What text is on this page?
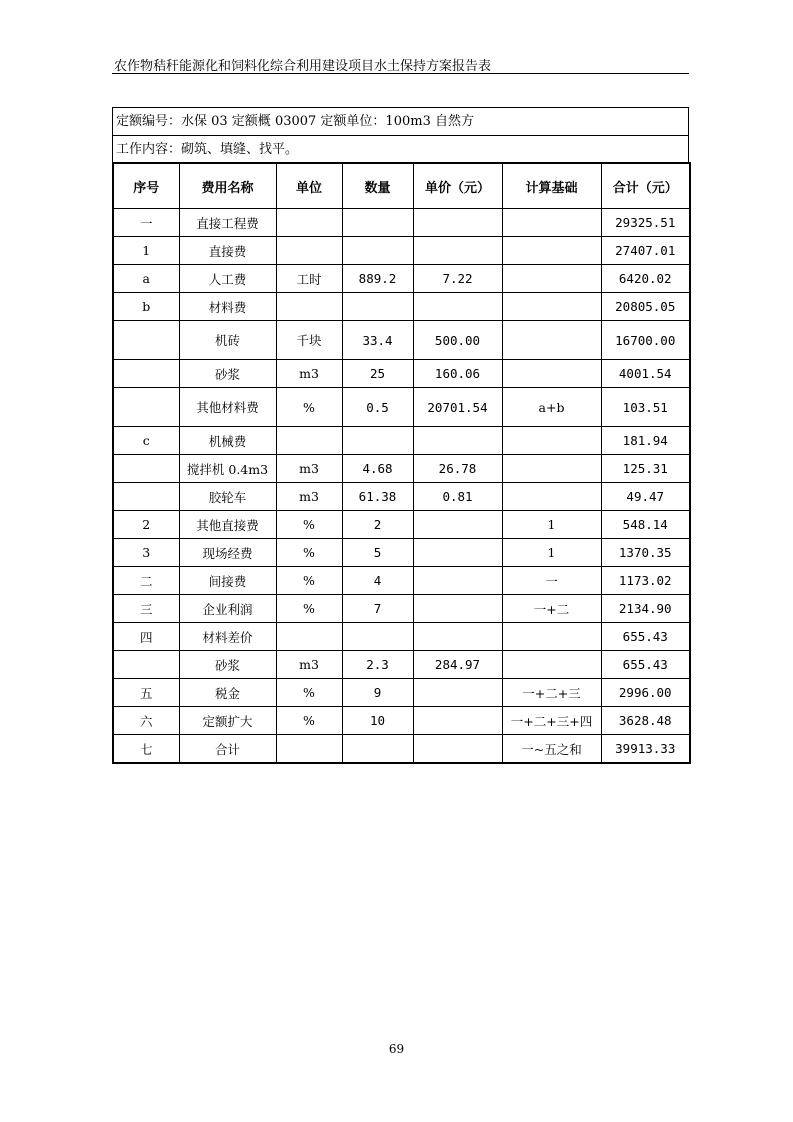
农作物秸秆能源化和饲料化综合利用建设项目水土保持方案报告表
定额编号：水保 03 定额概 03007 定额单位：100m3 自然方
工作内容：砌筑、填缝、找平。
序号	费用名称	单位	数量	单价（元）	计算基础	合计（元）
一	直接工程费					29325.51
1	直接费					27407.01
a	人工费	工时	889.2	7.22		6420.02
b	材料费					20805.05
	机砖	千块	33.4	500.00		16700.00
	砂浆	m3	25	160.06		4001.54
	其他材料费	%	0.5	20701.54	a+b	103.51
c	机械费					181.94
	搅拌机 0.4m3	m3	4.68	26.78		125.31
	胶轮车	m3	61.38	0.81		49.47
2	其他直接费	%	2		1	548.14
3	现场经费	%	5		1	1370.35
二	间接费	%	4		一	1173.02
三	企业利润	%	7		一+二	2134.90
四	材料差价					655.43
	砂浆	m3	2.3	284.97		655.43
五	税金	%	9		一+二+三	2996.00
六	定额扩大	%	10		一+二+三+四	3628.48
七	合计				一~五之和	39913.33
69
